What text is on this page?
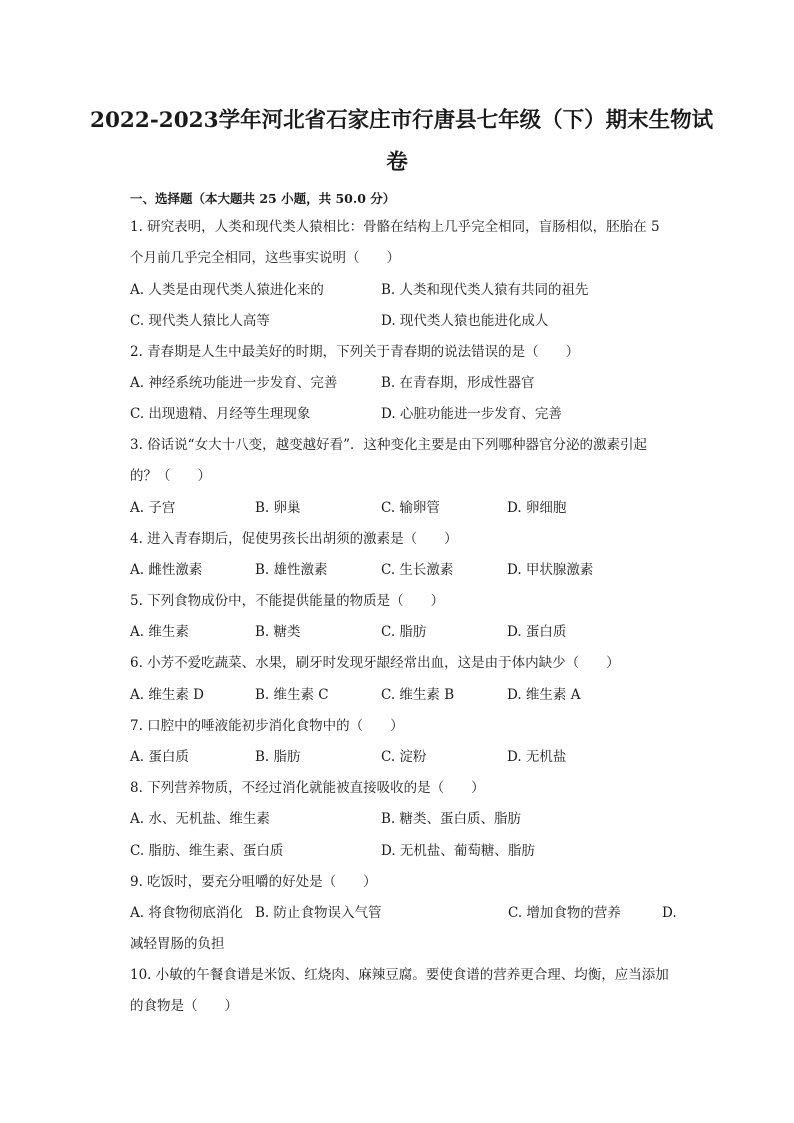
2022-2023学年河北省石家庄市行唐县七年级（下）期末生物试
卷
一、选择题（本大题共 25 小题，共 50.0 分）
1. 研究表明，人类和现代类人猿相比：骨骼在结构上几乎完全相同，盲肠相似，胚胎在 5
个月前几乎完全相同，这些事实说明（　　）
A. 人类是由现代类人猿进化来的	B. 人类和现代类人猿有共同的祖先
C. 现代类人猿比人高等	D. 现代类人猿也能进化成人
2. 青春期是人生中最美好的时期，下列关于青春期的说法错误的是（　　）
A. 神经系统功能进一步发育、完善	B. 在青春期，形成性器官
C. 出现遗精、月经等生理现象	D. 心脏功能进一步发育、完善
3. 俗话说“女大十八变，越变越好看”．这种变化主要是由下列哪种器官分泌的激素引起
的？（　　）
A. 子宫	B. 卵巢	C. 输卵管	D. 卵细胞
4. 进入青春期后，促使男孩长出胡须的激素是（　　）
A. 雌性激素	B. 雄性激素	C. 生长激素	D. 甲状腺激素
5. 下列食物成份中，不能提供能量的物质是（　　）
A. 维生素	B. 糖类	C. 脂肪	D. 蛋白质
6. 小芳不爱吃蔬菜、水果，刷牙时发现牙龈经常出血，这是由于体内缺少（　　）
A. 维生素 D	B. 维生素 C	C. 维生素 B	D. 维生素 A
7. 口腔中的唾液能初步消化食物中的（　　）
A. 蛋白质	B. 脂肪	C. 淀粉	D. 无机盐
8. 下列营养物质，不经过消化就能被直接吸收的是（　　）
A. 水、无机盐、维生素	B. 糖类、蛋白质、脂肪
C. 脂肪、维生素、蛋白质	D. 无机盐、葡萄糖、脂肪
9. 吃饭时，要充分咀嚼的好处是（　　）
A. 将食物彻底消化 B. 防止食物误入气管	C. 增加食物的营养	D.
减轻胃肠的负担
10. 小敏的午餐食谱是米饭、红烧肉、麻辣豆腐。要使食谱的营养更合理、均衡，应当添加
的食物是（　　）
